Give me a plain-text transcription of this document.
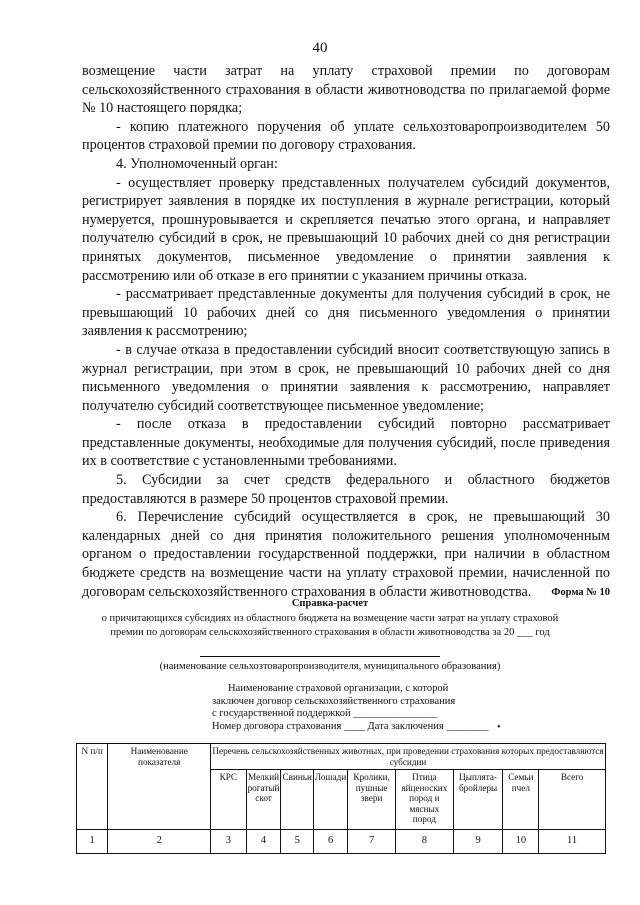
40

возмещение части затрат на уплату страховой премии по договорам сельскохозяйственного страхования в области животноводства по прилагаемой форме № 10 настоящего порядка;

- копию платежного поручения об уплате сельхозтоваропроизводителем 50 процентов страховой премии по договору страхования.

4. Уполномоченный орган:

- осуществляет проверку представленных получателем субсидий документов, регистрирует заявления в порядке их поступления в журнале регистрации, который нумеруется, прошнуровывается и скрепляется печатью этого органа, и направляет получателю субсидий в срок, не превышающий 10 рабочих дней со дня регистрации принятых документов, письменное уведомление о принятии заявления к рассмотрению или об отказе в его принятии с указанием причины отказа.

- рассматривает представленные документы для получения субсидий в срок, не превышающий 10 рабочих дней со дня письменного уведомления о принятии заявления к рассмотрению;

- в случае отказа в предоставлении субсидий вносит соответствующую запись в журнал регистрации, при этом в срок, не превышающий 10 рабочих дней со дня письменного уведомления о принятии заявления к рассмотрению, направляет получателю субсидий соответствующее письменное уведомление;

- после отказа в предоставлении субсидий повторно рассматривает представленные документы, необходимые для получения субсидий, после приведения их в соответствие с установленными требованиями.

5. Субсидии за счет средств федерального и областного бюджетов предоставляются в размере 50 процентов страховой премии.

6. Перечисление субсидий осуществляется в срок, не превышающий 30 календарных дней со дня принятия положительного решения уполномоченным органом о предоставлении государственной поддержки, при наличии в областном бюджете средств на возмещение части на уплату страховой премии, начисленной по договорам сельскохозяйственного страхования в области животноводства.	Форма № 10
Справка-расчет
о причитающихся субсидиях из областного бюджета на возмещение части затрат на уплату страховой
премии по договорам сельскохозяйственного страхования в области животноводства за 20 ___ год
(наименование сельхозтоваропроизводителя, муниципального образования)
Наименование страховой организации, с которой
заключен договор сельскохозяйственного страхования
с государственной поддержкой ________________
Номер договора страхования ____ Дата заключения ________ •
N п/п	Наименование показателя	Перечень сельскохозяйственных животных, при проведении страхования которых предоставляются субсидии								
		КРС	Мелкий рогатый скот	Свиньи	Лошади	Кролики, пушные звери	Птица яйценоских пород и мясных пород	Цыплята-бройлеры	Семьи пчел	Всего
1	2	3	4	5	6	7	8	9	10	11
